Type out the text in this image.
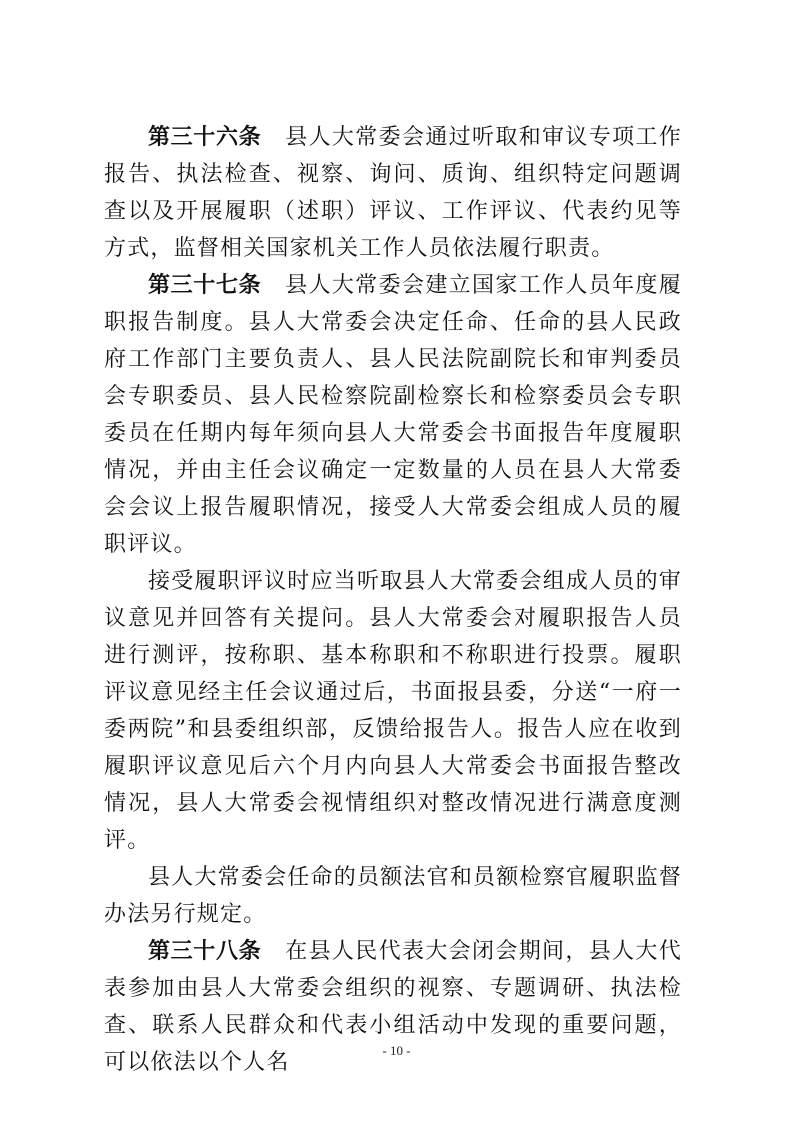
第三十六条 县人大常委会通过听取和审议专项工作报告、执法检查、视察、询问、质询、组织特定问题调查以及开展履职（述职）评议、工作评议、代表约见等方式，监督相关国家机关工作人员依法履行职责。

第三十七条 县人大常委会建立国家工作人员年度履职报告制度。县人大常委会决定任命、任命的县人民政府工作部门主要负责人、县人民法院副院长和审判委员会专职委员、县人民检察院副检察长和检察委员会专职委员在任期内每年须向县人大常委会书面报告年度履职情况，并由主任会议确定一定数量的人员在县人大常委会会议上报告履职情况，接受人大常委会组成人员的履职评议。

接受履职评议时应当听取县人大常委会组成人员的审议意见并回答有关提问。县人大常委会对履职报告人员进行测评，按称职、基本称职和不称职进行投票。履职评议意见经主任会议通过后，书面报县委，分送“一府一委两院”和县委组织部，反馈给报告人。报告人应在收到履职评议意见后六个月内向县人大常委会书面报告整改情况，县人大常委会视情组织对整改情况进行满意度测评。

县人大常委会任命的员额法官和员额检察官履职监督办法另行规定。

第三十八条 在县人民代表大会闭会期间，县人大代表参加由县人大常委会组织的视察、专题调研、执法检查、联系人民群众和代表小组活动中发现的重要问题，可以依法以个人名	- 10 -
